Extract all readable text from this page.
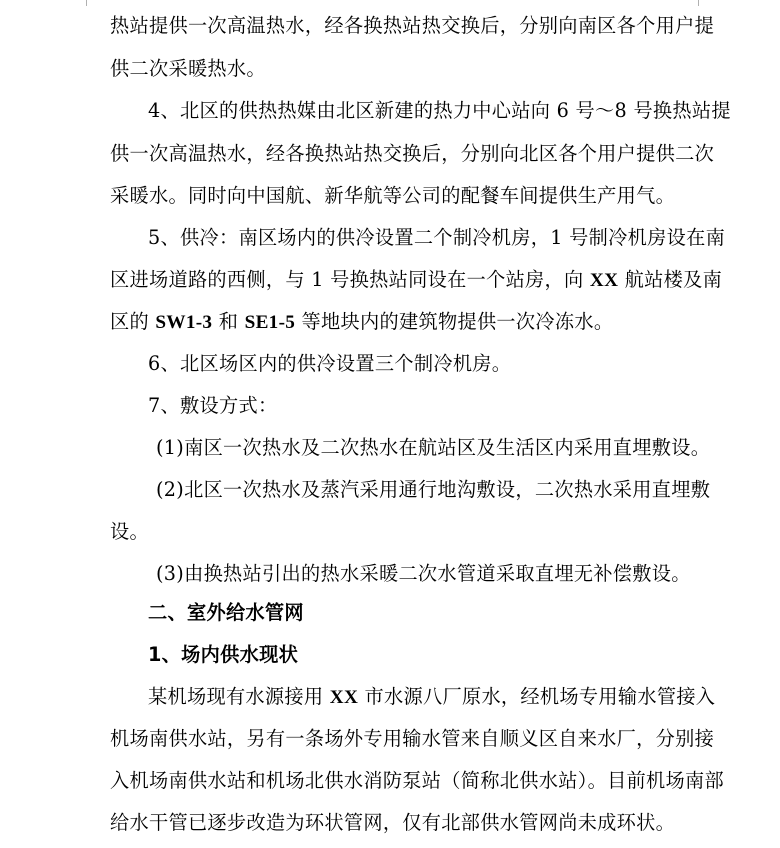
热站提供一次高温热水，经各换热站热交换后，分别向南区各个用户提
供二次采暖热水。
4、北区的供热热媒由北区新建的热力中心站向 6 号～8 号换热站提
供一次高温热水，经各换热站热交换后，分别向北区各个用户提供二次
采暖水。同时向中国航、新华航等公司的配餐车间提供生产用气。
5、供冷：南区场内的供冷设置二个制冷机房，1 号制冷机房设在南
区进场道路的西侧，与 1 号换热站同设在一个站房，向 XX 航站楼及南
区的 SW1-3 和 SE1-5 等地块内的建筑物提供一次冷冻水。
6、北区场区内的供冷设置三个制冷机房。
7、敷设方式：
(1)南区一次热水及二次热水在航站区及生活区内采用直埋敷设。
(2)北区一次热水及蒸汽采用通行地沟敷设，二次热水采用直埋敷
设。
(3)由换热站引出的热水采暖二次水管道采取直埋无补偿敷设。
二、室外给水管网
1、场内供水现状
某机场现有水源接用 XX 市水源八厂原水，经机场专用输水管接入
机场南供水站，另有一条场外专用输水管来自顺义区自来水厂，分别接
入机场南供水站和机场北供水消防泵站（简称北供水站）。目前机场南部
给水干管已逐步改造为环状管网，仅有北部供水管网尚未成环状。
